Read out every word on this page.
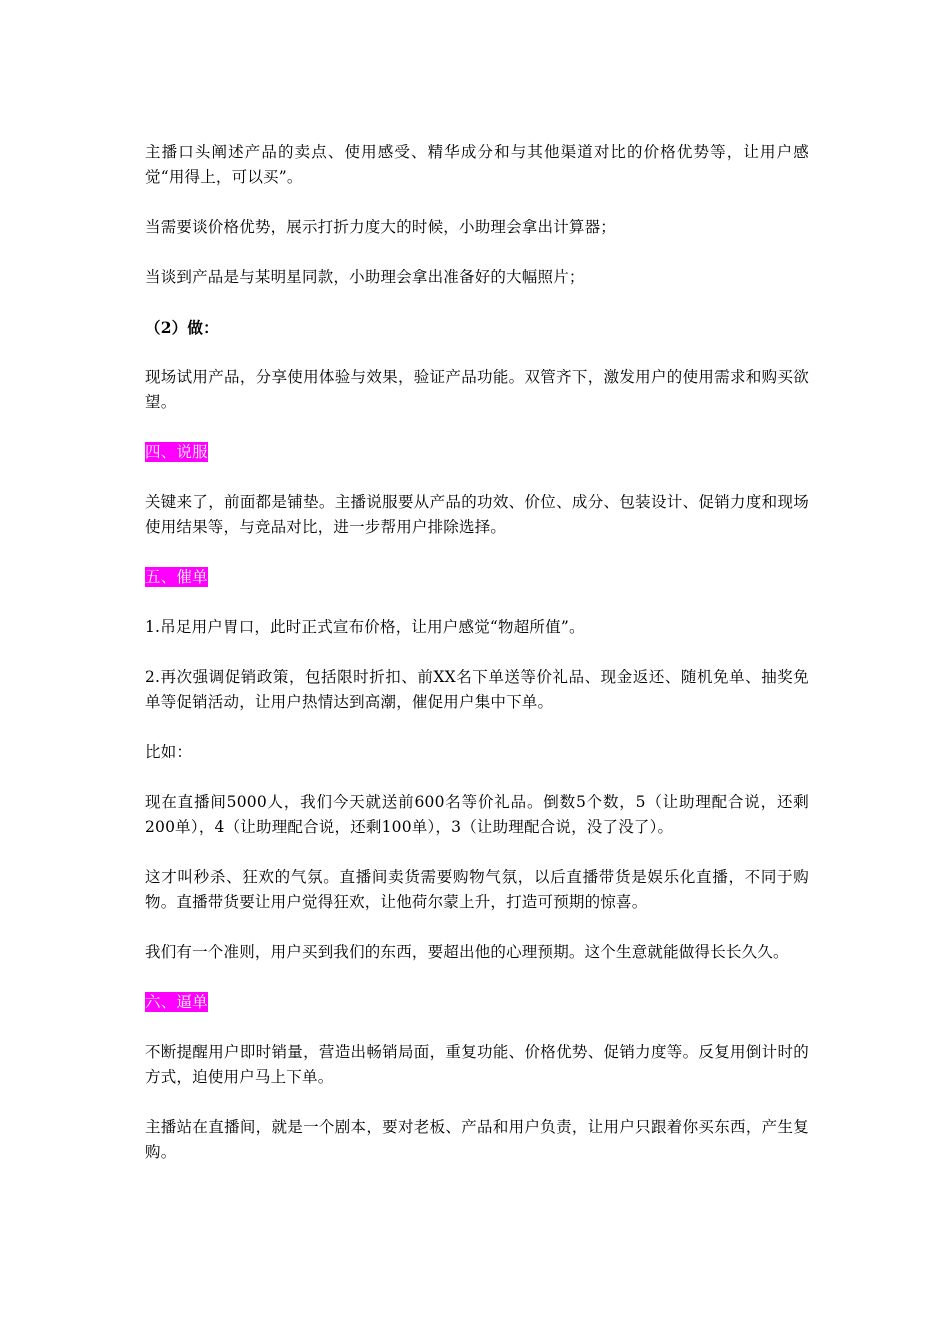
主播口头阐述产品的卖点、使用感受、精华成分和与其他渠道对比的价格优势等，让用户感觉“用得上，可以买”。

当需要谈价格优势，展示打折力度大的时候，小助理会拿出计算器；

当谈到产品是与某明星同款，小助理会拿出准备好的大幅照片；

（2）做：

现场试用产品，分享使用体验与效果，验证产品功能。双管齐下，激发用户的使用需求和购买欲望。

四、说服

关键来了，前面都是铺垫。主播说服要从产品的功效、价位、成分、包装设计、促销力度和现场使用结果等，与竞品对比，进一步帮用户排除选择。

五、催单

1.吊足用户胃口，此时正式宣布价格，让用户感觉“物超所值”。

2.再次强调促销政策，包括限时折扣、前XX名下单送等价礼品、现金返还、随机免单、抽奖免单等促销活动，让用户热情达到高潮，催促用户集中下单。

比如：

现在直播间5000人，我们今天就送前600名等价礼品。倒数5个数，5（让助理配合说，还剩200单），4（让助理配合说，还剩100单），3（让助理配合说，没了没了）。

这才叫秒杀、狂欢的气氛。直播间卖货需要购物气氛，以后直播带货是娱乐化直播，不同于购物。直播带货要让用户觉得狂欢，让他荷尔蒙上升，打造可预期的惊喜。

我们有一个准则，用户买到我们的东西，要超出他的心理预期。这个生意就能做得长长久久。

六、逼单

不断提醒用户即时销量，营造出畅销局面，重复功能、价格优势、促销力度等。反复用倒计时的方式，迫使用户马上下单。

主播站在直播间，就是一个剧本，要对老板、产品和用户负责，让用户只跟着你买东西，产生复购。
